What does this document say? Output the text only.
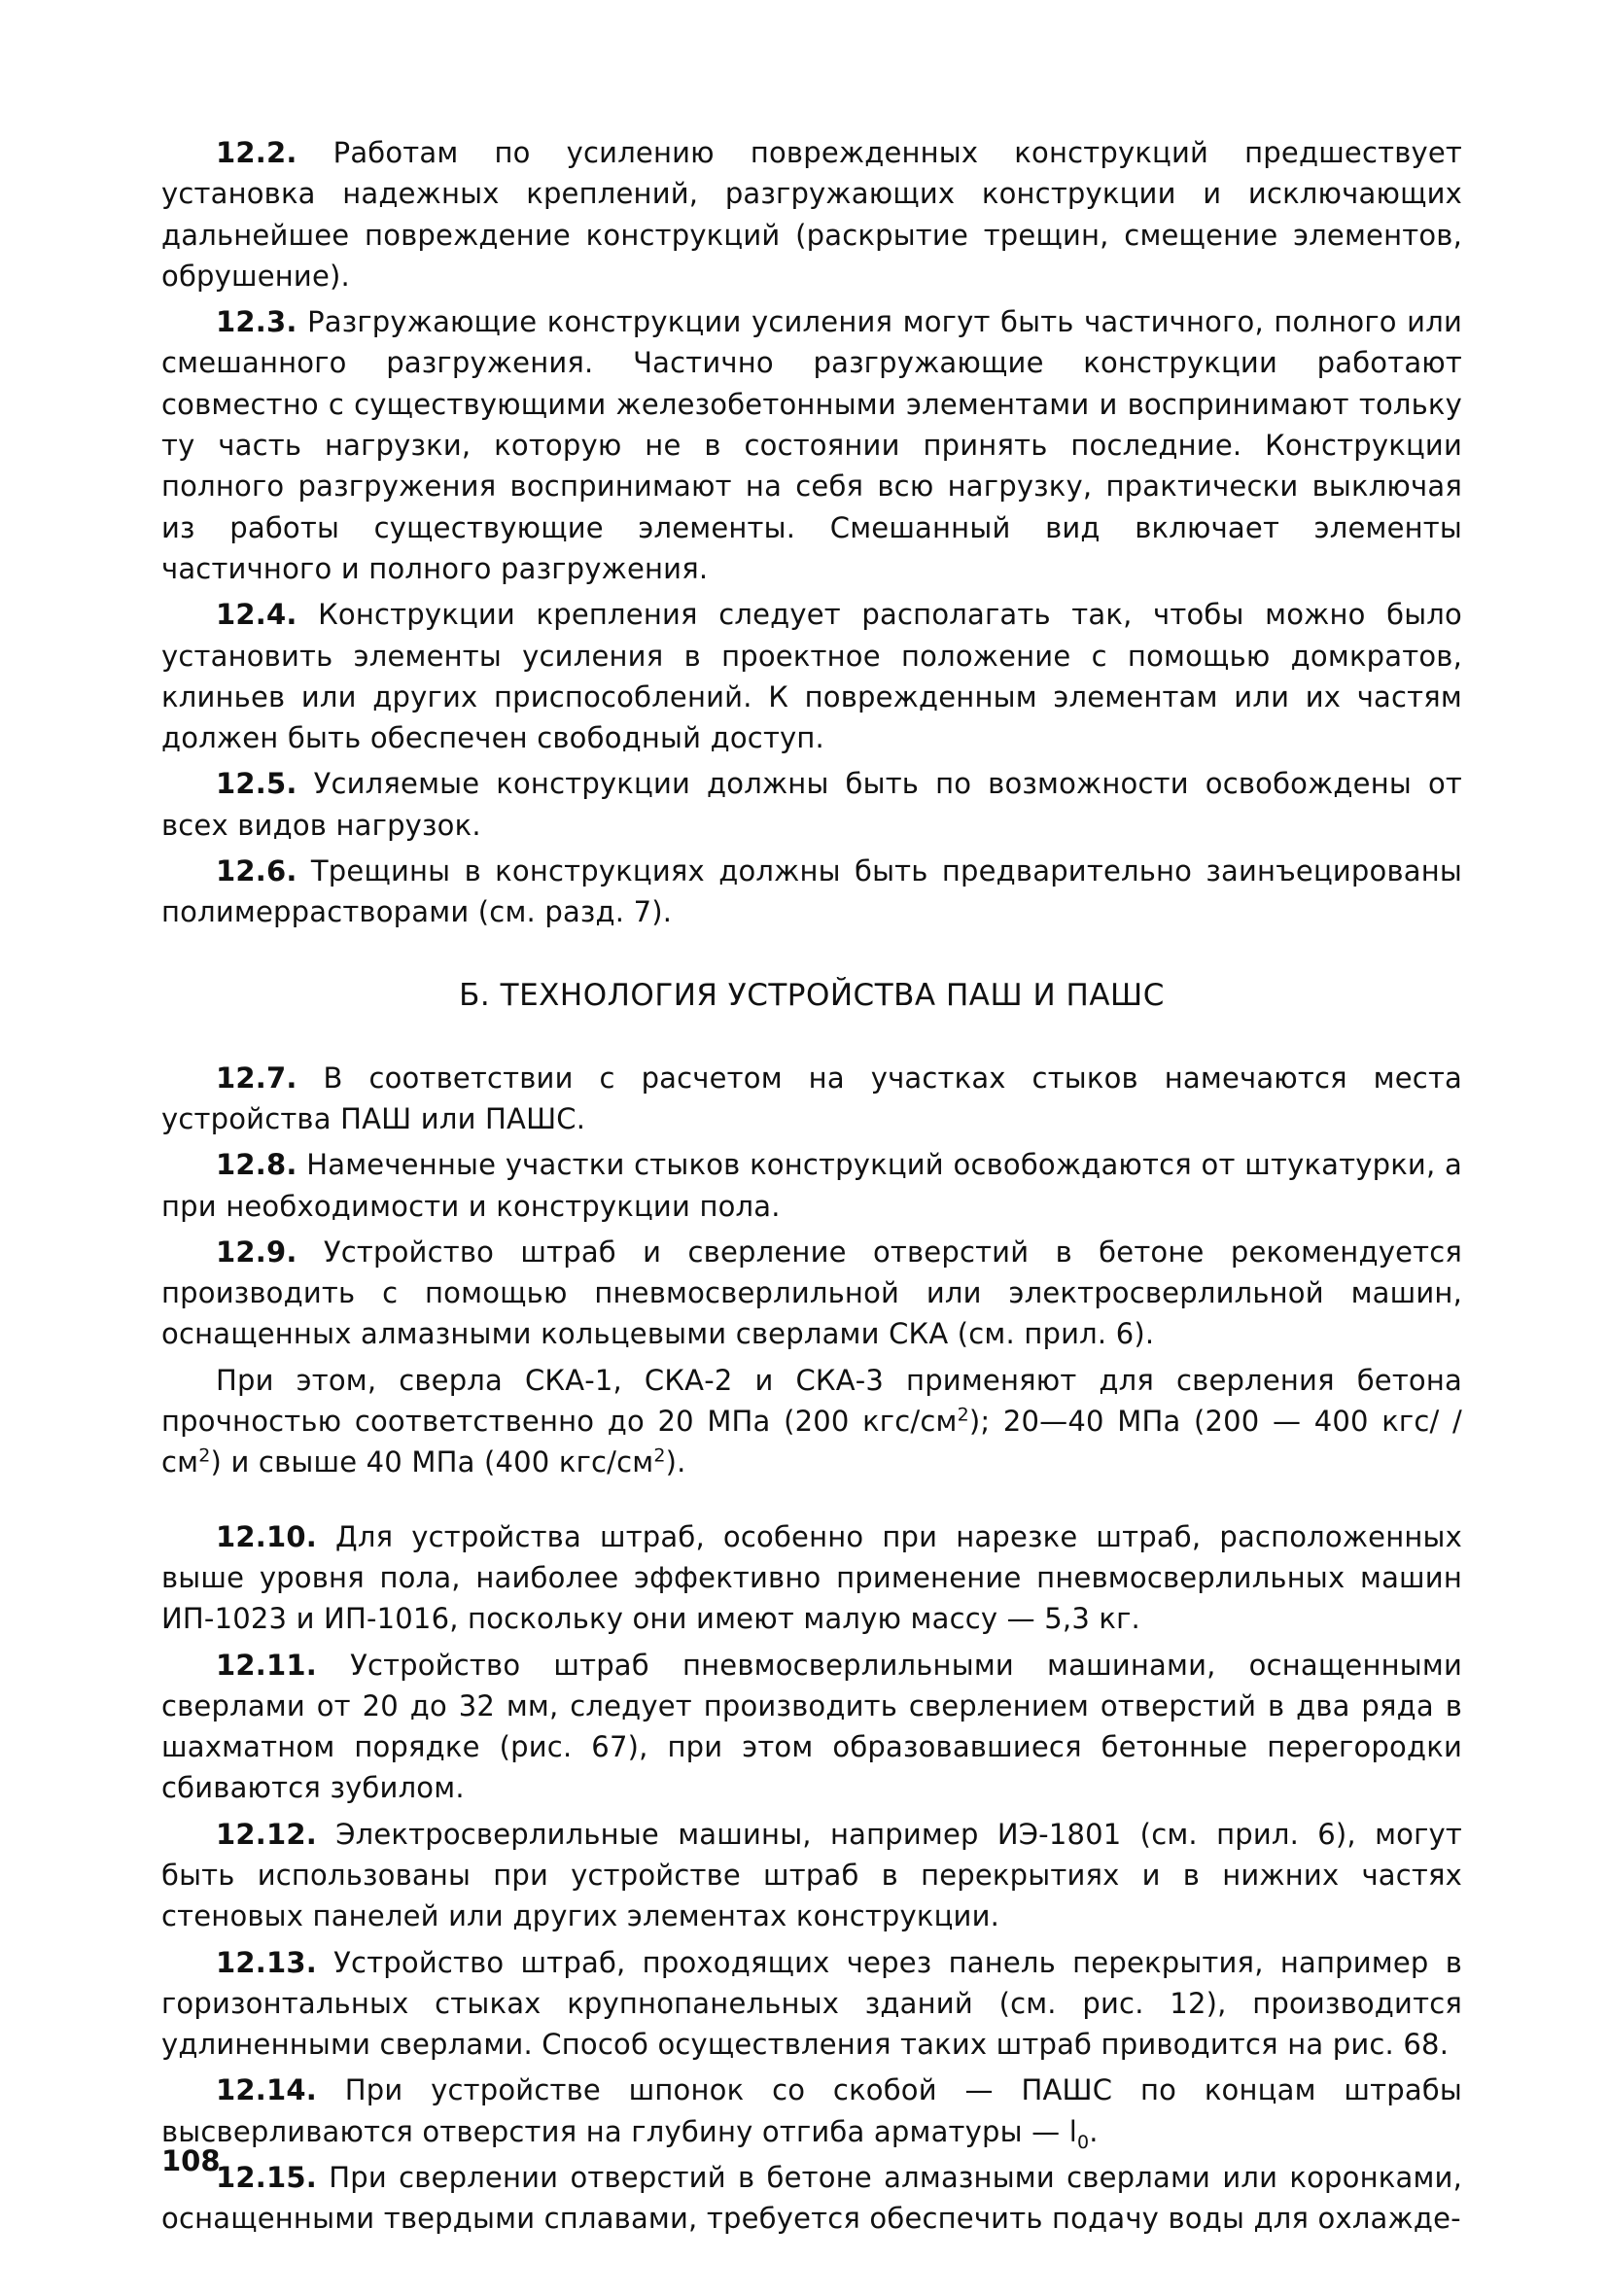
12.2. Работам по усилению поврежденных конструкций предшествует установка надежных креплений, разгружающих конструкции и исключающих дальнейшее повреждение конструкций (раскрытие трещин, смещение элементов, обрушение).

12.3. Разгружающие конструкции усиления могут быть частичного, полного или смешанного разгружения. Частично разгружающие конструкции работают совместно с существующими железобетонными элементами и воспринимают тольку ту часть нагрузки, которую не в состоянии принять последние. Конструкции полного разгружения воспринимают на себя всю нагрузку, практически выключая из работы существующие элементы. Смешанный вид включает элементы частичного и полного разгружения.

12.4. Конструкции крепления следует располагать так, чтобы можно было установить элементы усиления в проектное положение с помощью домкратов, клиньев или других приспособлений. К поврежденным элементам или их частям должен быть обеспечен свободный доступ.

12.5. Усиляемые конструкции должны быть по возможности освобождены от всех видов нагрузок.

12.6. Трещины в конструкциях должны быть предварительно заинъецированы полимеррастворами (см. разд. 7).

Б. ТЕХНОЛОГИЯ УСТРОЙСТВА ПАШ И ПАШС

12.7. В соответствии с расчетом на участках стыков намечаются места устройства ПАШ или ПАШС.

12.8. Намеченные участки стыков конструкций освобождаются от штукатурки, а при необходимости и конструкции пола.

12.9. Устройство штраб и сверление отверстий в бетоне рекомендуется производить с помощью пневмосверлильной или электросверлильной машин, оснащенных алмазными кольцевыми сверлами СКА (см. прил. 6).

При этом, сверла СКА-1, СКА-2 и СКА-3 применяют для сверления бетона прочностью соответственно до 20 МПа (200 кгс/$см^2$); 20—40 МПа (200 — 400 кгс/ $/см^2$) и свыше 40 МПа (400 кгс/$см^2$).

12.10. Для устройства штраб, особенно при нарезке штраб, расположенных выше уровня пола, наиболее эффективно применение пневмосверлильных машин ИП-1023 и ИП-1016, поскольку они имеют малую массу — 5,3 кг.

12.11. Устройство штраб пневмосверлильными машинами, оснащенными сверлами от 20 до 32 мм, следует производить сверлением отверстий в два ряда в шахматном порядке (рис. 67), при этом образовавшиеся бетонные перегородки сбиваются зубилом.

12.12. Электросверлильные машины, например ИЭ-1801 (см. прил. 6), могут быть использованы при устройстве штраб в перекрытиях и в нижних частях стеновых панелей или других элементах конструкции.

12.13. Устройство штраб, проходящих через панель перекрытия, например в горизонтальных стыках крупнопанельных зданий (см. рис. 12), производится удлиненными сверлами. Способ осуществления таких штраб приводится на рис. 68.

12.14. При устройстве шпонок со скобой — ПАШС по концам штрабы высверливаются отверстия на глубину отгиба арматуры — $l_0$.

12.15. При сверлении отверстий в бетоне алмазными сверлами или коронками, оснащенными твердыми сплавами, требуется обеспечить подачу воды для охлажде-

108
